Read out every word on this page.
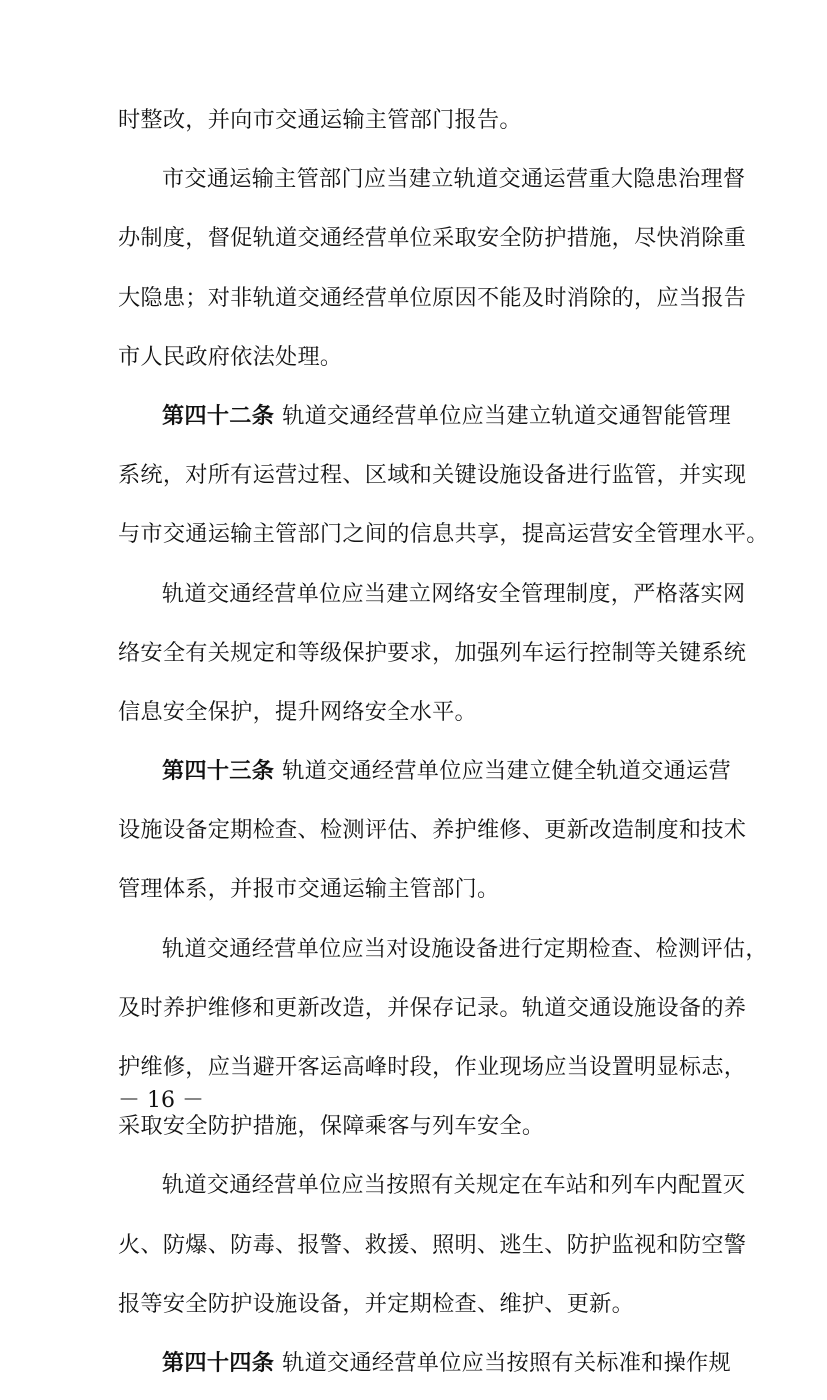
时整改，并向市交通运输主管部门报告。
市交通运输主管部门应当建立轨道交通运营重大隐患治理督
办制度，督促轨道交通经营单位采取安全防护措施，尽快消除重
大隐患；对非轨道交通经营单位原因不能及时消除的，应当报告
市人民政府依法处理。
第四十二条 轨道交通经营单位应当建立轨道交通智能管理
系统，对所有运营过程、区域和关键设施设备进行监管，并实现
与市交通运输主管部门之间的信息共享，提高运营安全管理水平。
轨道交通经营单位应当建立网络安全管理制度，严格落实网
络安全有关规定和等级保护要求，加强列车运行控制等关键系统
信息安全保护，提升网络安全水平。
第四十三条 轨道交通经营单位应当建立健全轨道交通运营
设施设备定期检查、检测评估、养护维修、更新改造制度和技术
管理体系，并报市交通运输主管部门。
轨道交通经营单位应当对设施设备进行定期检查、检测评估，
及时养护维修和更新改造，并保存记录。轨道交通设施设备的养
护维修，应当避开客运高峰时段，作业现场应当设置明显标志，
采取安全防护措施，保障乘客与列车安全。
轨道交通经营单位应当按照有关规定在车站和列车内配置灭
火、防爆、防毒、报警、救援、照明、逃生、防护监视和防空警
报等安全防护设施设备，并定期检查、维护、更新。
第四十四条 轨道交通经营单位应当按照有关标准和操作规
－ 16 －
